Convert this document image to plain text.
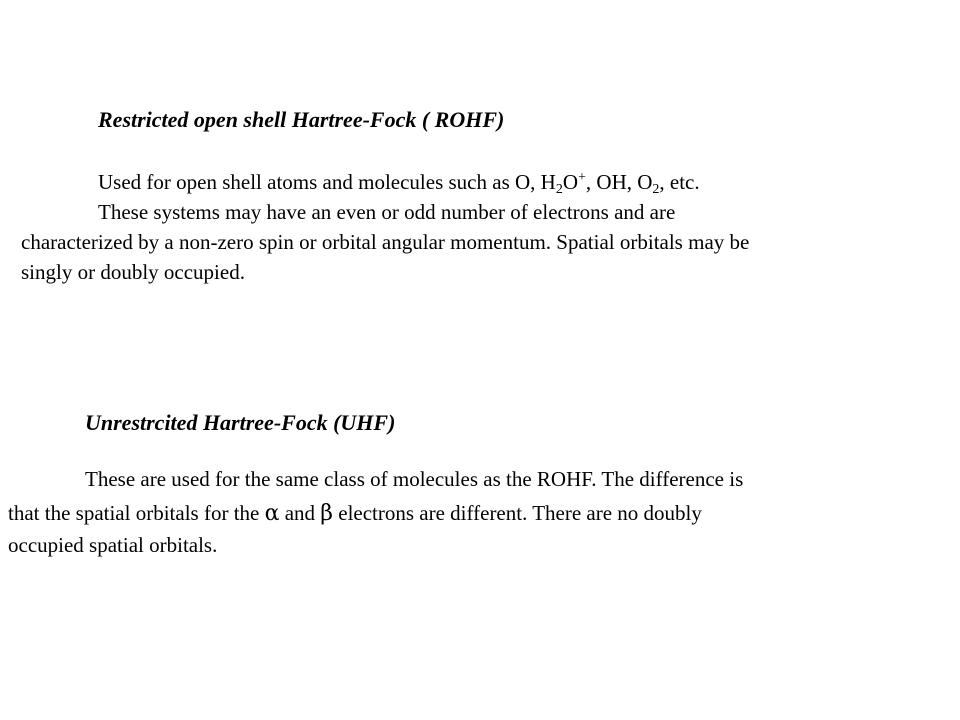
Restricted open shell Hartree-Fock ( ROHF)

Used for open shell atoms and molecules such as O, $H_2O^+$, OH, $O_2$, etc.

These systems may have an even or odd number of electrons and are

characterized by a non-zero spin or orbital angular momentum. Spatial orbitals may be

singly or doubly occupied.

Unrestrcited Hartree-Fock (UHF)

These are used for the same class of molecules as the ROHF. The difference is

that the spatial orbitals for the α and β electrons are different. There are no doubly

occupied spatial orbitals.
